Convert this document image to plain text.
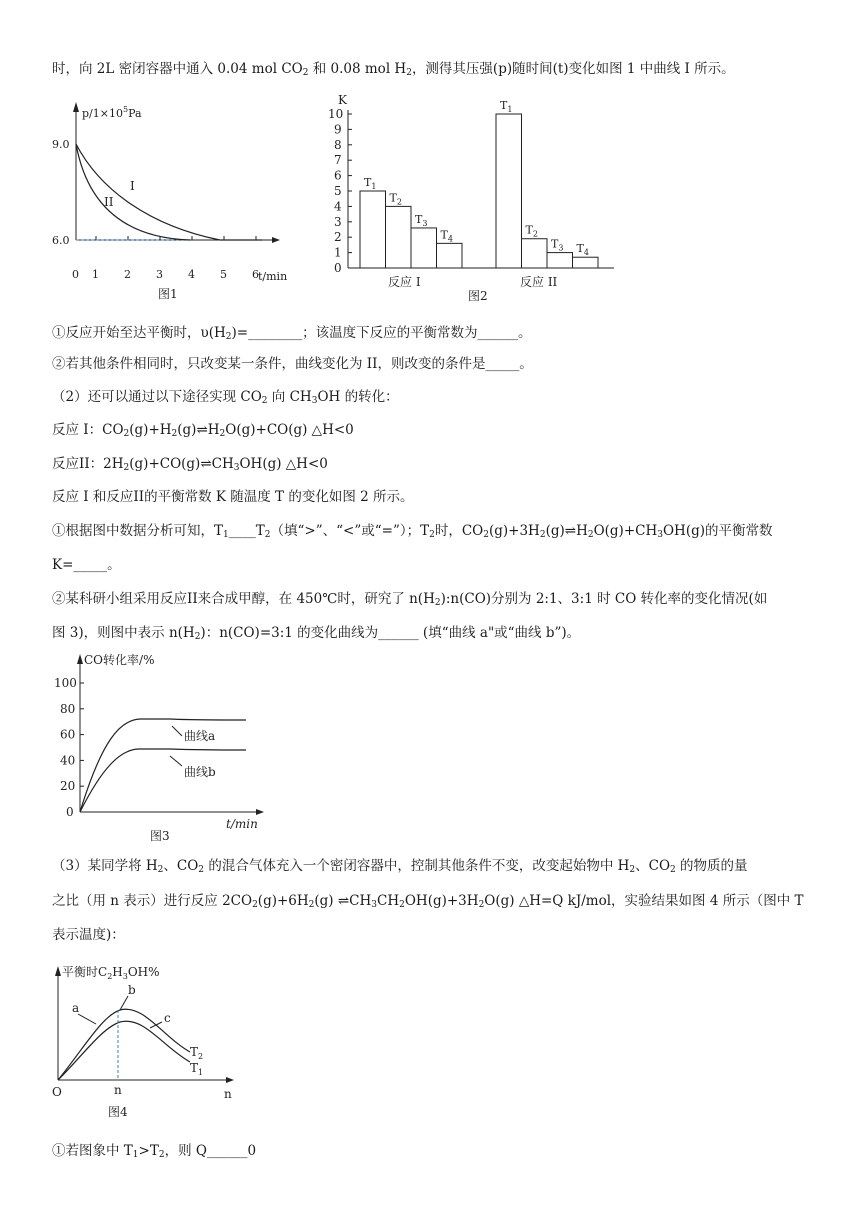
时，向 2L 密闭容器中通入 0.04 mol $CO_2$ 和 0.08 mol $H_2$，测得其压强(p)随时间(t)变化如图 1 中曲线 I 所示。
$p/1\times 10^5Pa$
9.0
6.0
0 1 2 3 4 5 6 t/min
I
II
图1
K
0
1
2
3
4
5
6
7
8
9
10
$T_1$
$T_2$
$T_3$
$T_4$
$T_1$
$T_2$
$T_3$ $T_4$
反应 I	反应 II
图2
①反应开始至达平衡时，$\upsilon(H_2)=\_\_\_\_\_\_\_\_$；该温度下反应的平衡常数为______。
②若其他条件相同时，只改变某一条件，曲线变化为 II，则改变的条件是_____。
（2）还可以通过以下途径实现 $CO_2$ 向 $CH_3OH$ 的转化：
反应 I：$CO_2(g)+H_2(g)\rightleftharpoons H_2O(g)+CO(g)$ △H<0
反应II：$2H_2(g)+CO(g)\rightleftharpoons CH_3OH(g)$ △H<0
反应 I 和反应II的平衡常数 K 随温度 T 的变化如图 2 所示。
①根据图中数据分析可知，$T_1\_\_\_\_T_2$（填“>”、“<”或“=”）；$T_2$时，$CO_2(g)+3H_2(g)\rightleftharpoons H_2O(g)+CH_3OH(g)$的平衡常数
K=_____。
②某科研小组采用反应II来合成甲醇，在 450℃时，研究了 $n(H_2):n(CO)$分别为 2:1、3:1 时 CO 转化率的变化情况(如
图 3)，则图中表示 $n(H_2)$：n(CO)=3:1 的变化曲线为______ (填“曲线 a"或“曲线 b”)。
CO转化率/%
0
20
40
60
80
100
曲线a
曲线b
t/min
图3
（3）某同学将 $H_2$、$CO_2$ 的混合气体充入一个密闭容器中，控制其他条件不变，改变起始物中 $H_2$、$CO_2$ 的物质的量
之比（用 n 表示）进行反应 $2CO_2(g)+6H_2(g)$ $\rightleftharpoons CH_3CH_2OH(g)+3H_2O(g)$ △H=Q kJ/mol，实验结果如图 4 所示（图中 T
表示温度)：
平衡时$C_2H_3OH\%$
a
b
c
$T_2$
$T_1$
O	n	n
图4
①若图象中 $T_1>T_2$，则 Q______0
